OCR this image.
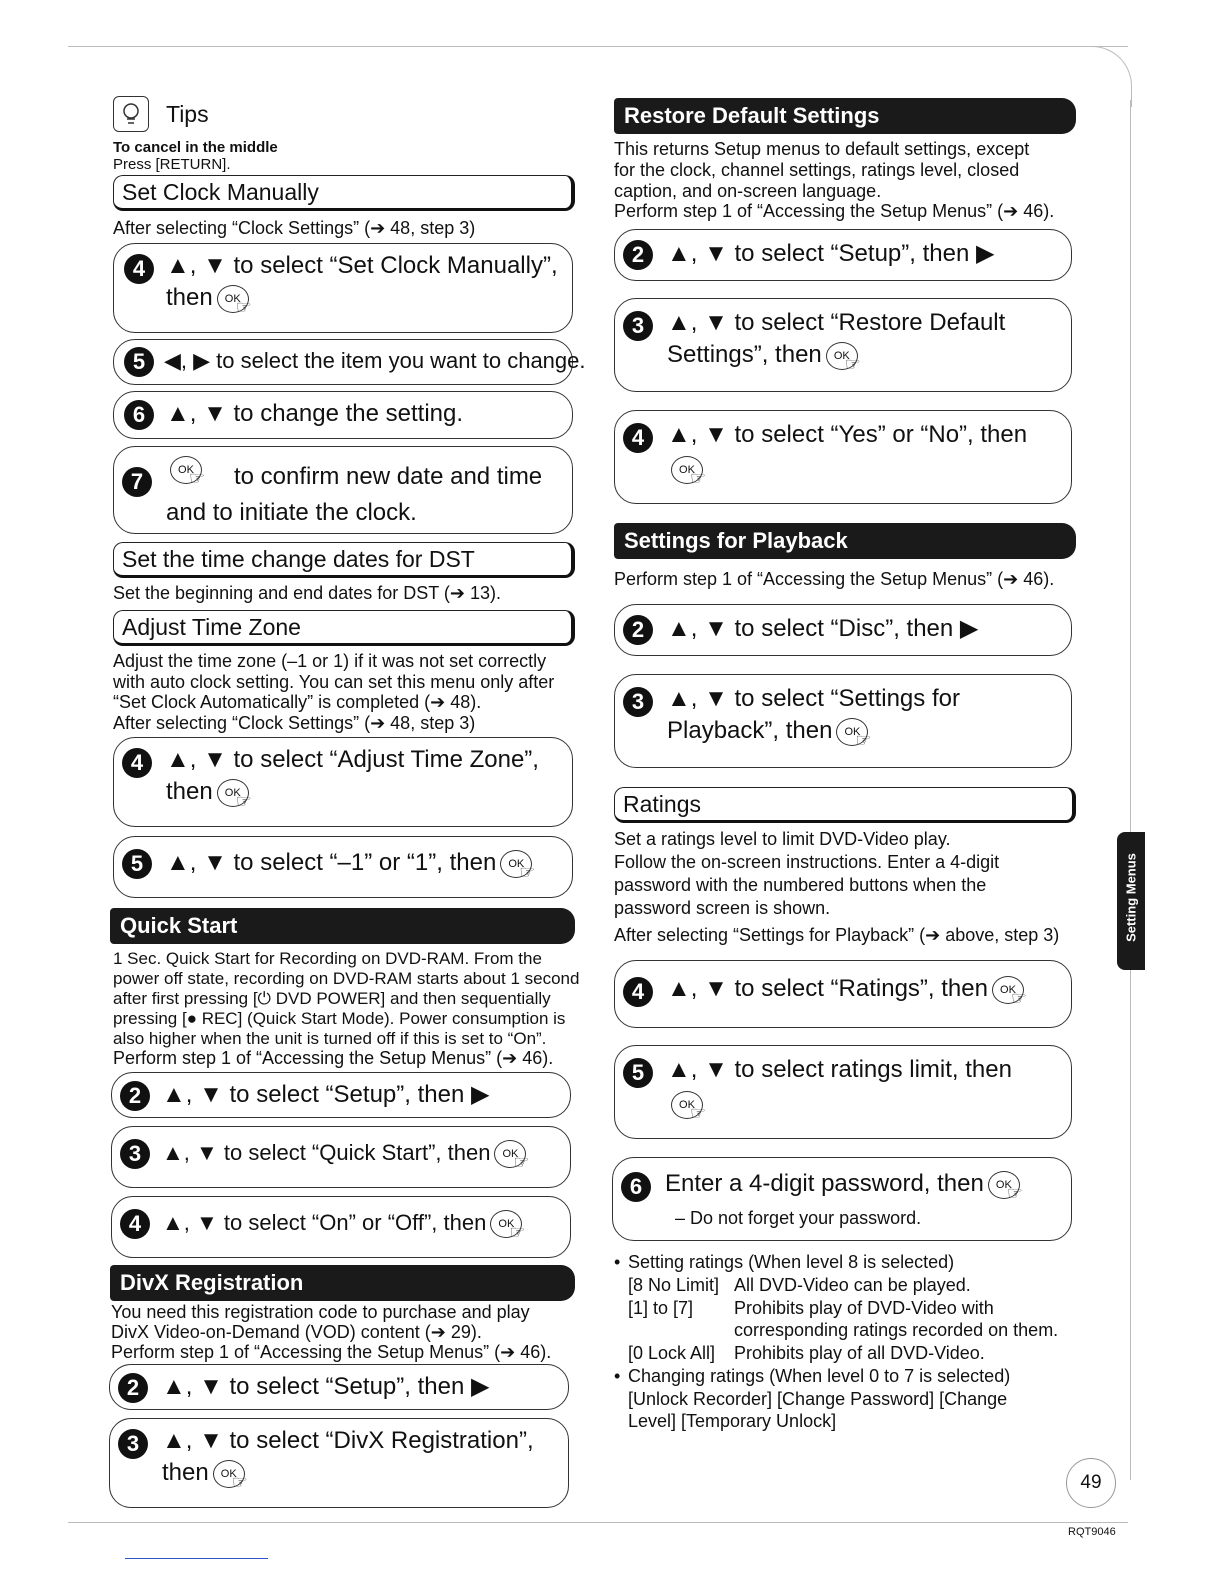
Tips
To cancel in the middle
Press [RETURN].
Set Clock Manually
After selecting “Clock Settings” (➔ 48, step 3)
4 ▲, ▼ to select “Set Clock Manually”,
then OK
☞
5 ◀, ▶ to select the item you want to change.
6 ▲, ▼ to change the setting.
7	OK
☞ to confirm new date and time
and to initiate the clock.
Set the time change dates for DST
Set the beginning and end dates for DST (➔ 13).
Adjust Time Zone
Adjust the time zone (–1 or 1) if it was not set correctly
with auto clock setting. You can set this menu only after
“Set Clock Automatically” is completed (➔ 48).
After selecting “Clock Settings” (➔ 48, step 3)
4 ▲, ▼ to select “Adjust Time Zone”,
then OK
☞
5 ▲, ▼ to select “–1” or “1”, then OK
☞
Quick Start
1 Sec. Quick Start for Recording on DVD-RAM. From the
power off state, recording on DVD-RAM starts about 1 second
after first pressing [⏻ DVD POWER] and then sequentially
pressing [● REC] (Quick Start Mode). Power consumption is
also higher when the unit is turned off if this is set to “On”.
Perform step 1 of “Accessing the Setup Menus” (➔ 46).
2 ▲, ▼ to select “Setup”, then ▶
3 ▲, ▼ to select “Quick Start”, then OK
☞
4 ▲, ▼ to select “On” or “Off”, then OK
☞
DivX Registration
You need this registration code to purchase and play
DivX Video-on-Demand (VOD) content (➔ 29).
Perform step 1 of “Accessing the Setup Menus” (➔ 46).
2 ▲, ▼ to select “Setup”, then ▶
3 ▲, ▼ to select “DivX Registration”,
then OK
☞
Restore Default Settings
This returns Setup menus to default settings, except
for the clock, channel settings, ratings level, closed
caption, and on-screen language.
Perform step 1 of “Accessing the Setup Menus” (➔ 46).
2 ▲, ▼ to select “Setup”, then ▶
3 ▲, ▼ to select “Restore Default
Settings”, then OK
☞
4 ▲, ▼ to select “Yes” or “No”, then
OK
☞
Settings for Playback
Perform step 1 of “Accessing the Setup Menus” (➔ 46).
2 ▲, ▼ to select “Disc”, then ▶
3 ▲, ▼ to select “Settings for
Playback”, then OK
☞
Ratings
Set a ratings level to limit DVD-Video play.
Follow the on-screen instructions. Enter a 4-digit
password with the numbered buttons when the
password screen is shown.
After selecting “Settings for Playback” (➔ above, step 3)
4 ▲, ▼ to select “Ratings”, then OK
☞
5 ▲, ▼ to select ratings limit, then
OK
☞
6 Enter a 4-digit password, then OK
☞
– Do not forget your password.
• Setting ratings (When level 8 is selected)
[8 No Limit] All DVD-Video can be played.
[1] to [7] Prohibits play of DVD-Video with
corresponding ratings recorded on them.
[0 Lock All] Prohibits play of all DVD-Video.
• Changing ratings (When level 0 to 7 is selected)
[Unlock Recorder] [Change Password] [Change
Level] [Temporary Unlock]
Setting Menus
49
RQT9046
